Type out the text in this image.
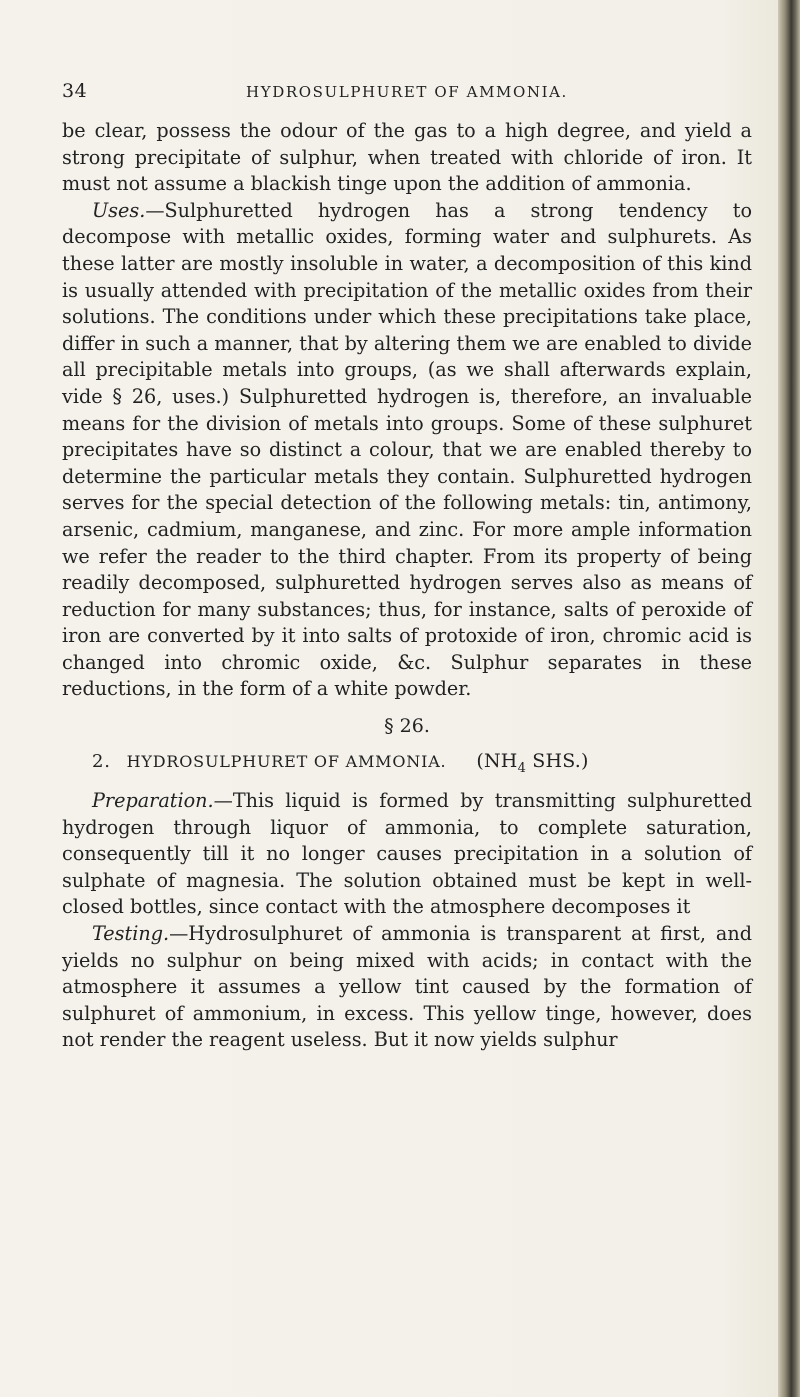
34	HYDROSULPHURET OF AMMONIA.

be clear, possess the odour of the gas to a high degree, and yield a strong precipitate of sulphur, when treated with chloride of iron. It must not assume a blackish tinge upon the addition of ammonia.

Uses.—Sulphuretted hydrogen has a strong tendency to decompose with metallic oxides, forming water and sulphurets. As these latter are mostly insoluble in water, a decomposition of this kind is usually attended with precipitation of the metallic oxides from their solutions. The conditions under which these precipitations take place, differ in such a manner, that by altering them we are enabled to divide all precipitable metals into groups, (as we shall afterwards explain, vide § 26, uses.) Sulphuretted hydrogen is, therefore, an invaluable means for the division of metals into groups. Some of these sulphuret precipitates have so distinct a colour, that we are enabled thereby to determine the particular metals they contain. Sulphuretted hydrogen serves for the special detection of the following metals: tin, antimony, arsenic, cadmium, manganese, and zinc. For more ample information we refer the reader to the third chapter. From its property of being readily decomposed, sulphuretted hydrogen serves also as means of reduction for many substances; thus, for instance, salts of peroxide of iron are converted by it into salts of protoxide of iron, chromic acid is changed into chromic oxide, &c. Sulphur separates in these reductions, in the form of a white powder.

§ 26.
2. HYDROSULPHURET OF AMMONIA. ($NH_4$ SHS.)

Preparation.—This liquid is formed by transmitting sulphuretted hydrogen through liquor of ammonia, to complete saturation, consequently till it no longer causes precipitation in a solution of sulphate of magnesia. The solution obtained must be kept in well-closed bottles, since contact with the atmosphere decomposes it

Testing.—Hydrosulphuret of ammonia is transparent at first, and yields no sulphur on being mixed with acids; in contact with the atmosphere it assumes a yellow tint caused by the formation of sulphuret of ammonium, in excess. This yellow tinge, however, does not render the reagent useless. But it now yields sulphur
